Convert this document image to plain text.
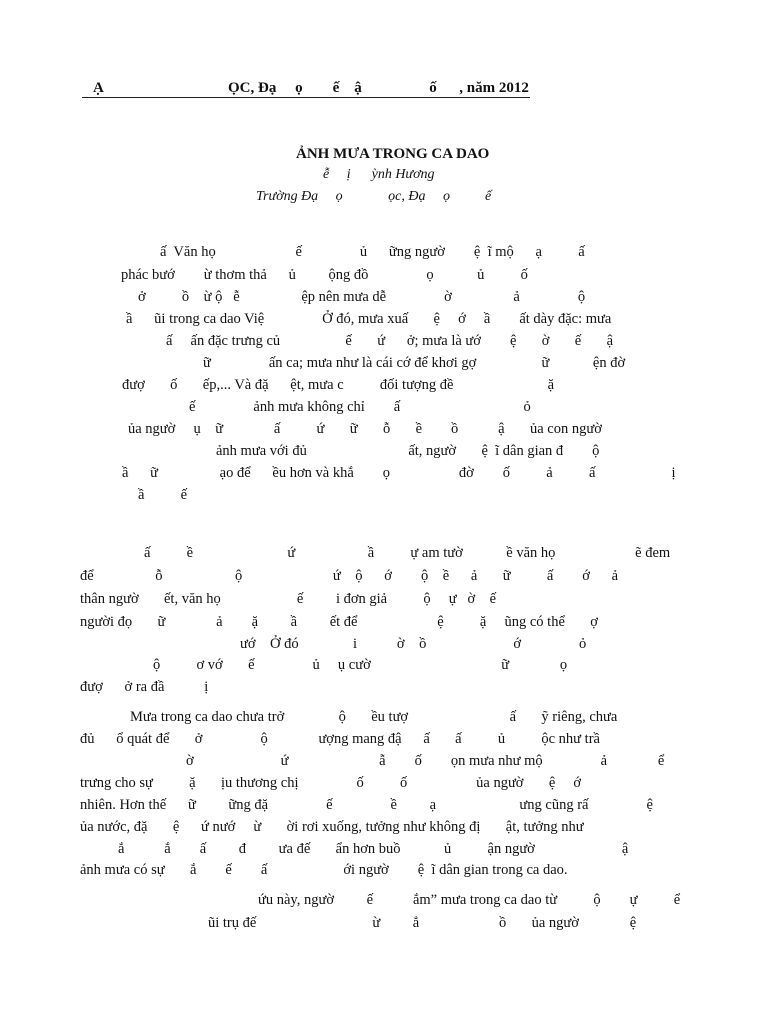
Ạ	ỌC, Đạ     ọ        ế    ậ                  ố      , năm 2012
ẢNH MƯA TRONG CA DAO
ễ     ị      ỳnh Hương
Trường Đạ     ọ             ọc, Đạ     ọ          ế
ấ  Văn họ                      ế                ủ      ững ngườ        ệ  ĩ mộ      ạ          ấ
phác bướ        ừ thơm thả      ủ         ộng đồ                ọ            ủ          ố
ở          ồ    ừ ộ   ễ                 ệp nên mưa dễ                ờ                 ả                ộ
ầ      ũi trong ca dao Việ                Ở đó, mưa xuấ       ệ     ớ     ầ        ất dày đặc: mưa
ấ     ấn đặc trưng củ                  ế       ứ      ở; mưa là ướ        ệ       ờ       ế       ậ
ữ                ấn ca; mưa như là cái cớ để khơi gợ                  ữ            ện đờ
đượ       ố       ếp,... Và đặ      ệt, mưa c          đối tượng đề                          ặ
ế                ảnh mưa không chỉ        ấ                                  ỏ
ủa ngườ     ụ    ữ              ấ          ứ       ữ       ỗ       ề        ồ           ậ       ủa con ngườ
ảnh mưa với đủ                            ất, ngườ       ệ  ĩ dân gian đ        ộ
ầ      ữ                 ạo để      ều hơn và khắ        ọ                   đờ        ố          ả          ấ                     ị
ầ          ế
ấ          ề                          ứ                    ầ          ự am tườ            ề văn họ                      ẽ đem
để                 ỗ                    ộ                         ứ    ộ      ớ        ộ    ề      ả       ữ          ấ        ớ      ả
thân ngườ       ết, văn họ                     ế         i đơn giả          ộ     ự   ờ    ế
người đọ       ữ              ả        ặ         ầ         ết để                      ệ          ặ     ũng có thể       ợ
ướ    Ở đó               i           ờ    ồ                        ớ                ỏ
ộ          ơ vớ       ế                ủ     ụ cườ                                    ữ              ọ
đượ      ở ra đầ           ị
Mưa trong ca dao chưa trở               ộ       ều tượ                            ấ       ỹ riêng, chưa
đủ      ổ quát để       ở                ộ              ượng mang đậ      ấ       ấ          ủ          ộc như trầ
ờ                        ứ                         ẫ        ố        ọn mưa như mộ                ả              ể
trưng cho sự          ặ       ịu thương chị                ố          ố                   ủa ngườ       ệ     ớ
nhiên. Hơn thế      ữ         ững đặ                ế                ề         ạ                       ưng cũng rấ                ệ
ủa nước, đặ       ệ      ứ nướ     ừ       ời rơi xuống, tưởng như không đị       ật, tưởng như
ắ           ắ        ấ         đ         ưa đế       ẩn hơn buồ            ủ          ận ngườ                        ậ
ảnh mưa có sự       ắ        ế        ấ                     ới ngườ        ệ  ĩ dân gian trong ca dao.
ứu này, ngườ         ế           ắm” mưa trong ca dao từ          ộ        ự          ể
ũi trụ đế                                ừ         ẳ                      ồ       ủa ngườ              ệ
